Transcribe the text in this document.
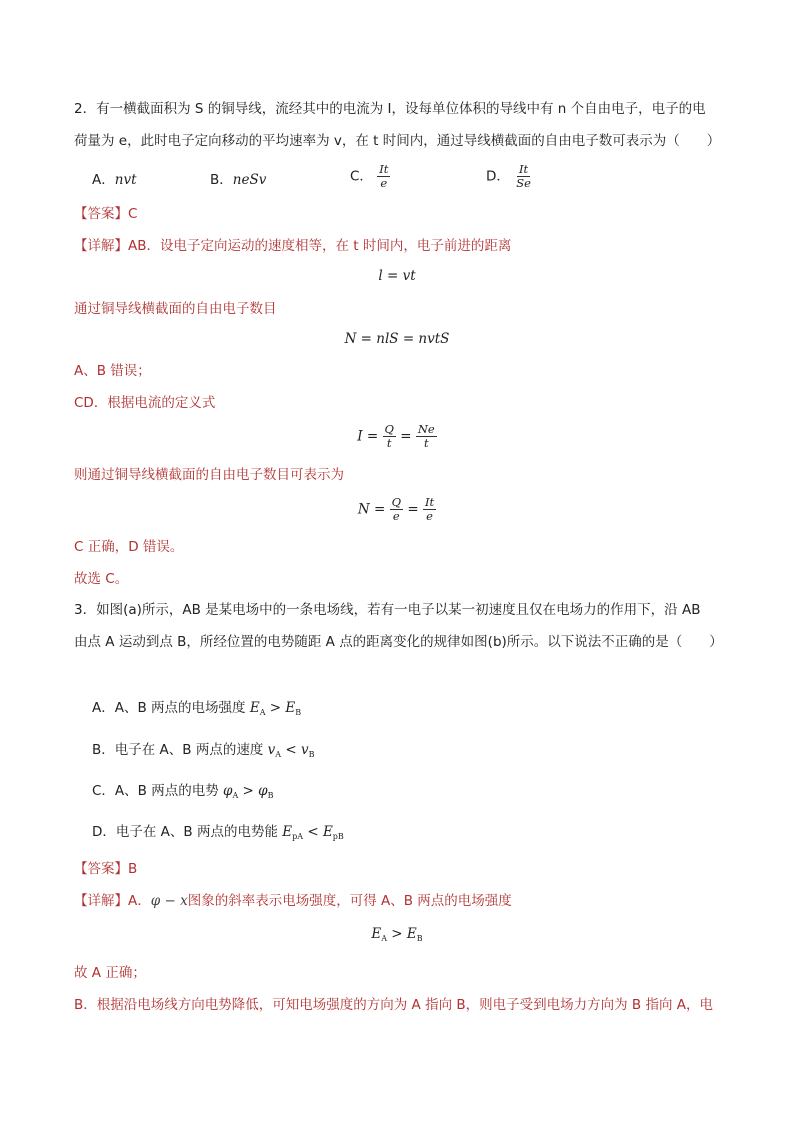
2．有一横截面积为 S 的铜导线，流经其中的电流为 I，设每单位体积的导线中有 n 个自由电子，电子的电
荷量为 e，此时电子定向移动的平均速率为 v，在 t 时间内，通过导线横截面的自由电子数可表示为（　　）
A．nvt	B．neSv	C． $\frac{It}{e}$	D． $\frac{It}{Se}$
【答案】C
【详解】AB．设电子定向运动的速度相等，在 t 时间内，电子前进的距离
l = vt
通过铜导线横截面的自由电子数目
N = nlS = nvtS
A、B 错误；
CD．根据电流的定义式
$I = \frac{Q}{t} = \frac{Ne}{t}$
则通过铜导线横截面的自由电子数目可表示为
$N = \frac{Q}{e} = \frac{It}{e}$
C 正确，D 错误。
故选 C。
3．如图(a)所示，AB 是某电场中的一条电场线，若有一电子以某一初速度且仅在电场力的作用下，沿 AB
由点 A 运动到点 B，所经位置的电势随距 A 点的距离变化的规律如图(b)所示。以下说法不正确的是（　　）
A．A、B 两点的电场强度 $E_A > E_B$
B．电子在 A、B 两点的速度 $v_A < v_B$
C．A、B 两点的电势 $\varphi_A > \varphi_B$
D．电子在 A、B 两点的电势能 $E_{pA} < E_{pB}$
【答案】B
【详解】A．φ − x图象的斜率表示电场强度，可得 A、B 两点的电场强度
$E_A > E_B$
故 A 正确；
B．根据沿电场线方向电势降低，可知电场强度的方向为 A 指向 B，则电子受到电场力方向为 B 指向 A，电
